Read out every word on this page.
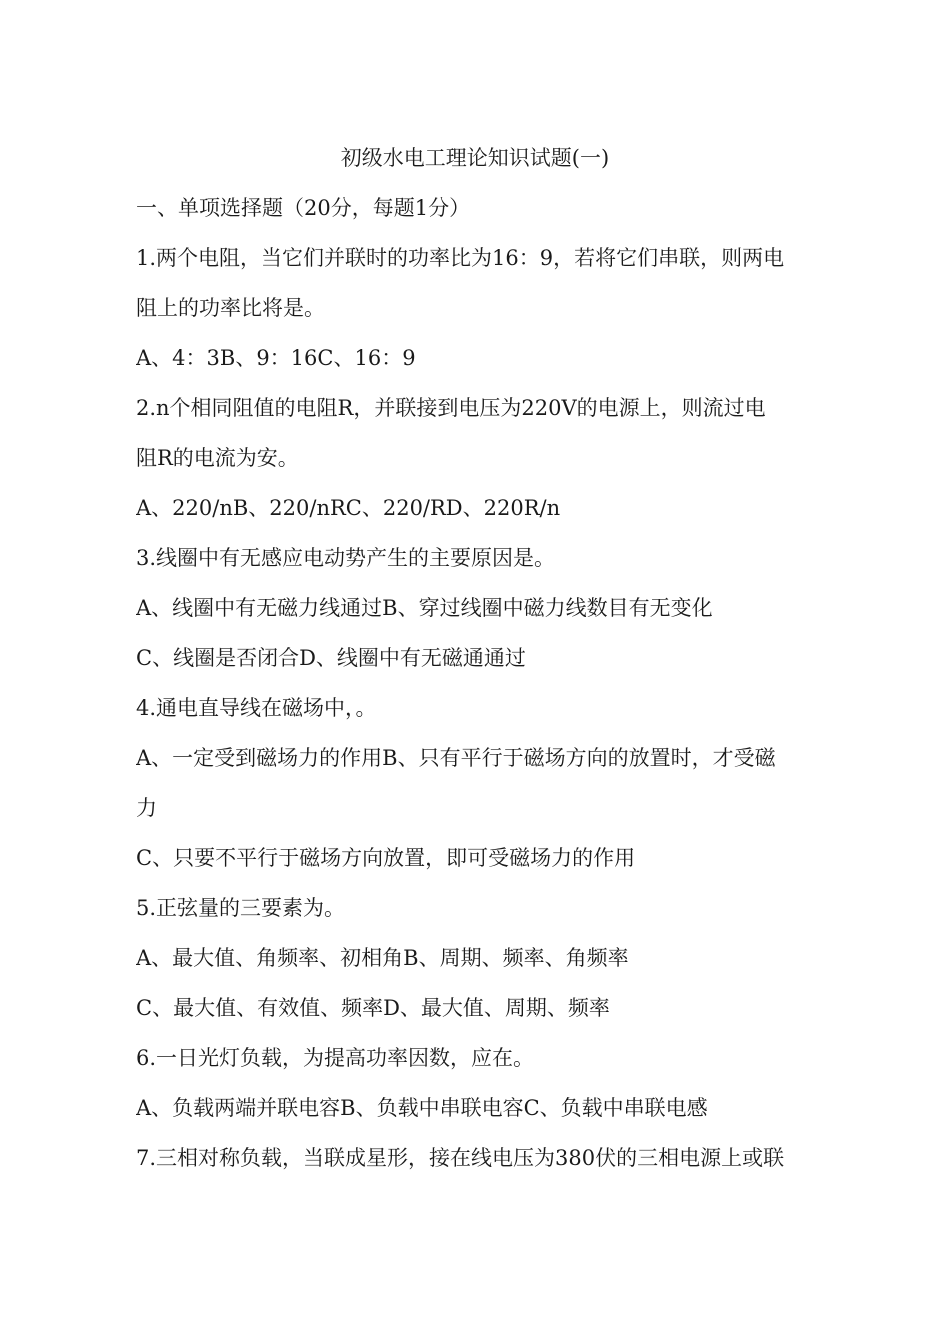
初级水电工理论知识试题(一)
一、单项选择题（20分，每题1分）
1.两个电阻，当它们并联时的功率比为16：9，若将它们串联，则两电
阻上的功率比将是。
A、4：3B、9：16C、16：9
2.n个相同阻值的电阻R，并联接到电压为220V的电源上，则流过电
阻R的电流为安。
A、220/nB、220/nRC、220/RD、220R/n
3.线圈中有无感应电动势产生的主要原因是。
A、线圈中有无磁力线通过B、穿过线圈中磁力线数目有无变化
C、线圈是否闭合D、线圈中有无磁通通过
4.通电直导线在磁场中，。
A、一定受到磁场力的作用B、只有平行于磁场方向的放置时，才受磁
力
C、只要不平行于磁场方向放置，即可受磁场力的作用
5.正弦量的三要素为。
A、最大值、角频率、初相角B、周期、频率、角频率
C、最大值、有效值、频率D、最大值、周期、频率
6.一日光灯负载，为提高功率因数，应在。
A、负载两端并联电容B、负载中串联电容C、负载中串联电感
7.三相对称负载，当联成星形，接在线电压为380伏的三相电源上或联
